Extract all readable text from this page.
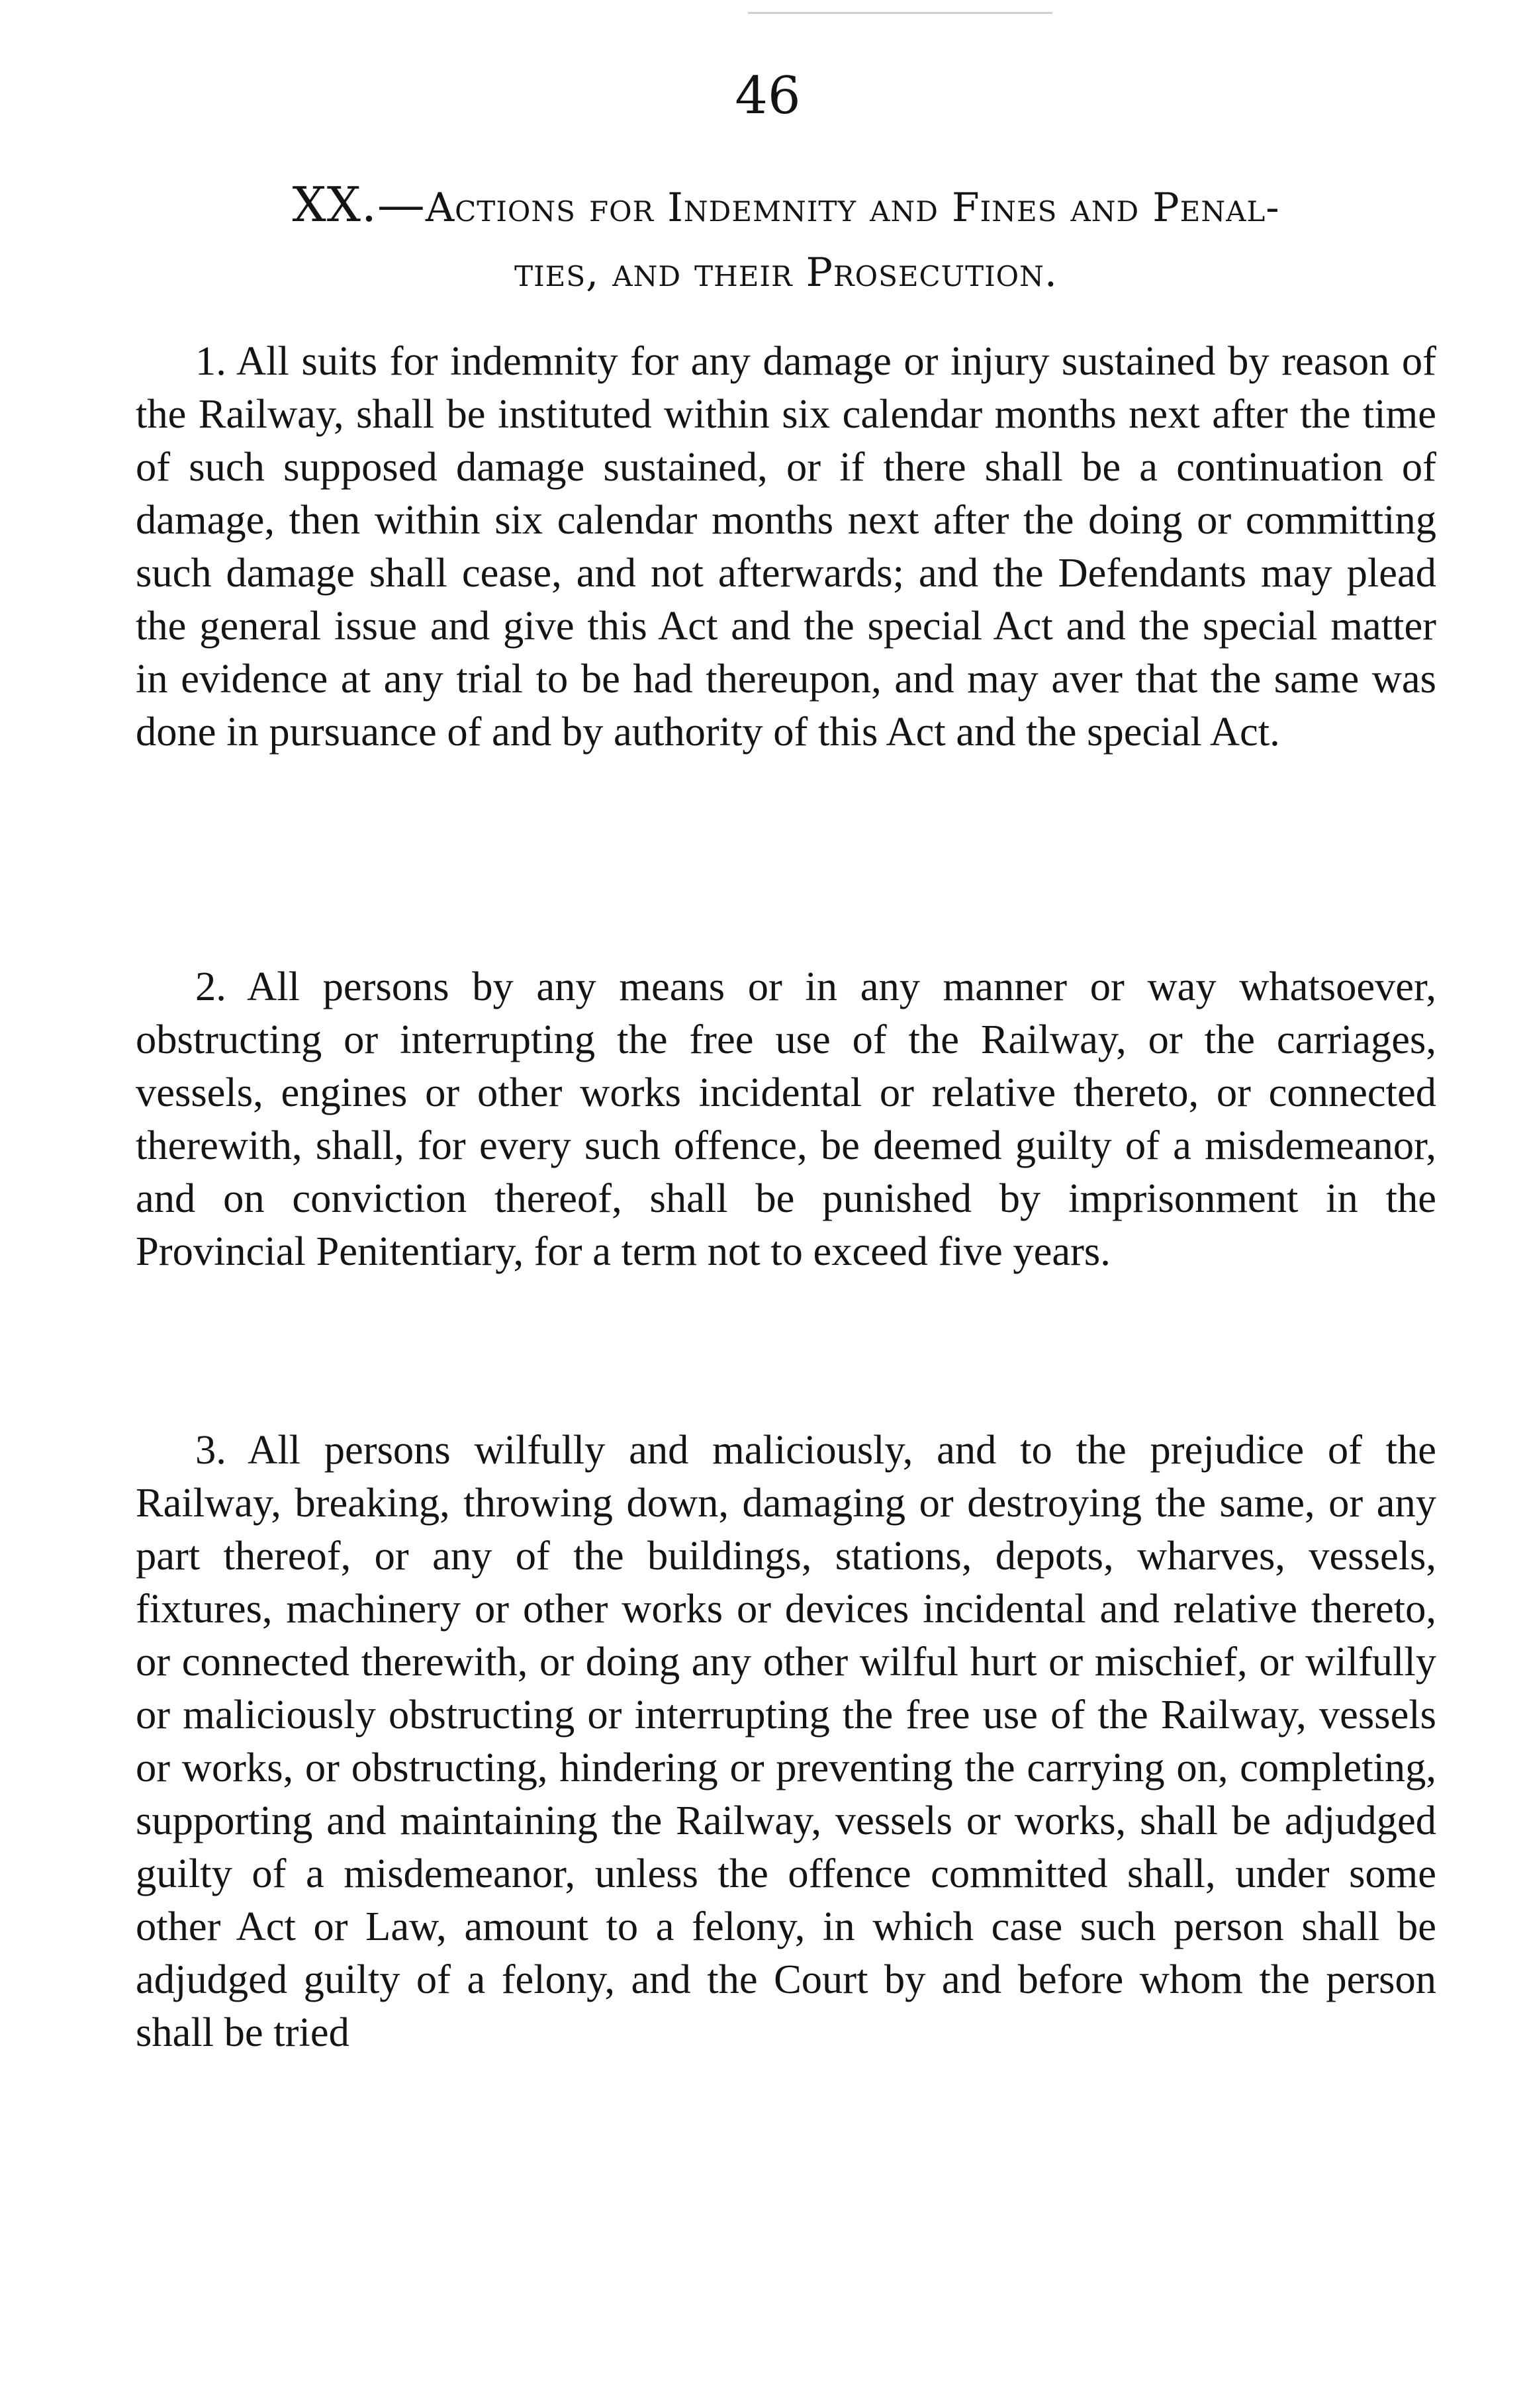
46
XX.—Actions for Indemnity and Fines and Penal-
ties, and their Prosecution.

1. All suits for indemnity for any damage or injury sustained by reason of the Railway, shall be instituted within six calendar months next after the time of such supposed damage sustained, or if there shall be a continuation of damage, then within six calendar months next after the doing or committing such damage shall cease, and not afterwards; and the Defendants may plead the general issue and give this Act and the special Act and the special matter in evidence at any trial to be had thereupon, and may aver that the same was done in pursuance of and by authority of this Act and the special Act.

2. All persons by any means or in any manner or way whatsoever, obstructing or interrupting the free use of the Railway, or the carriages, vessels, engines or other works incidental or relative thereto, or connected therewith, shall, for every such offence, be deemed guilty of a misdemeanor, and on conviction thereof, shall be punished by imprisonment in the Provincial Penitentiary, for a term not to exceed five years.

3. All persons wilfully and maliciously, and to the prejudice of the Railway, breaking, throwing down, damaging or destroying the same, or any part thereof, or any of the buildings, stations, depots, wharves, vessels, fixtures, machinery or other works or devices incidental and relative thereto, or connected therewith, or doing any other wilful hurt or mischief, or wilfully or maliciously obstructing or interrupting the free use of the Railway, vessels or works, or obstructing, hindering or preventing the carrying on, completing, supporting and maintaining the Railway, vessels or works, shall be adjudged guilty of a misdemeanor, unless the offence committed shall, under some other Act or Law, amount to a felony, in which case such person shall be adjudged guilty of a felony, and the Court by and before whom the person shall be tried
